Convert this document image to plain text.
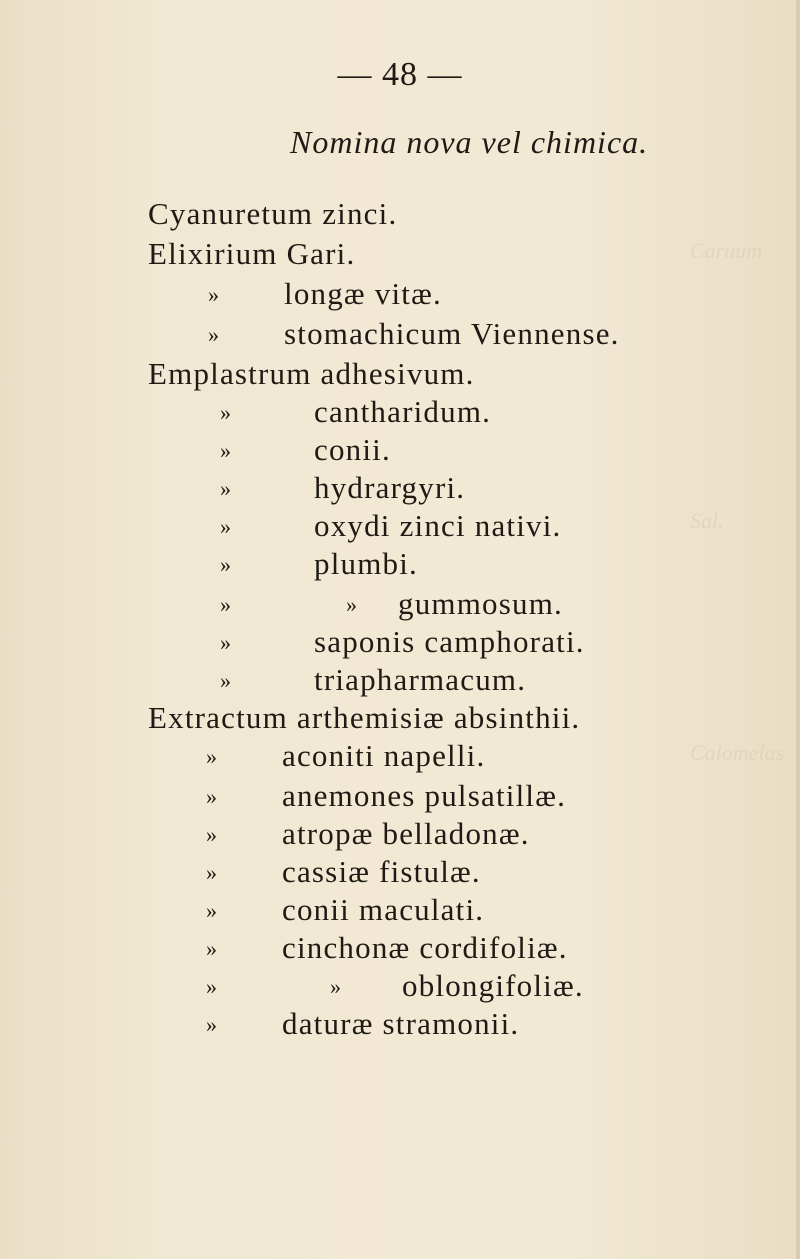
Caruum
Sal.
Calomelas
— 48 —
Nomina nova vel chimica.
Cyanuretum zinci.
Elixirium Gari.
» longæ vitæ.
» stomachicum Viennense.
Emplastrum adhesivum.
»	cantharidum.
»	conii.
»	hydrargyri.
»	oxydi zinci nativi.
»	plumbi.
»	» gummosum.
»	saponis camphorati.
»	triapharmacum.
Extractum arthemisiæ absinthii.
» aconiti napelli.
» anemones pulsatillæ.
» atropæ belladonæ.
» cassiæ fistulæ.
» conii maculati.
» cinchonæ cordifoliæ.
»	» oblongifoliæ.
» daturæ stramonii.
